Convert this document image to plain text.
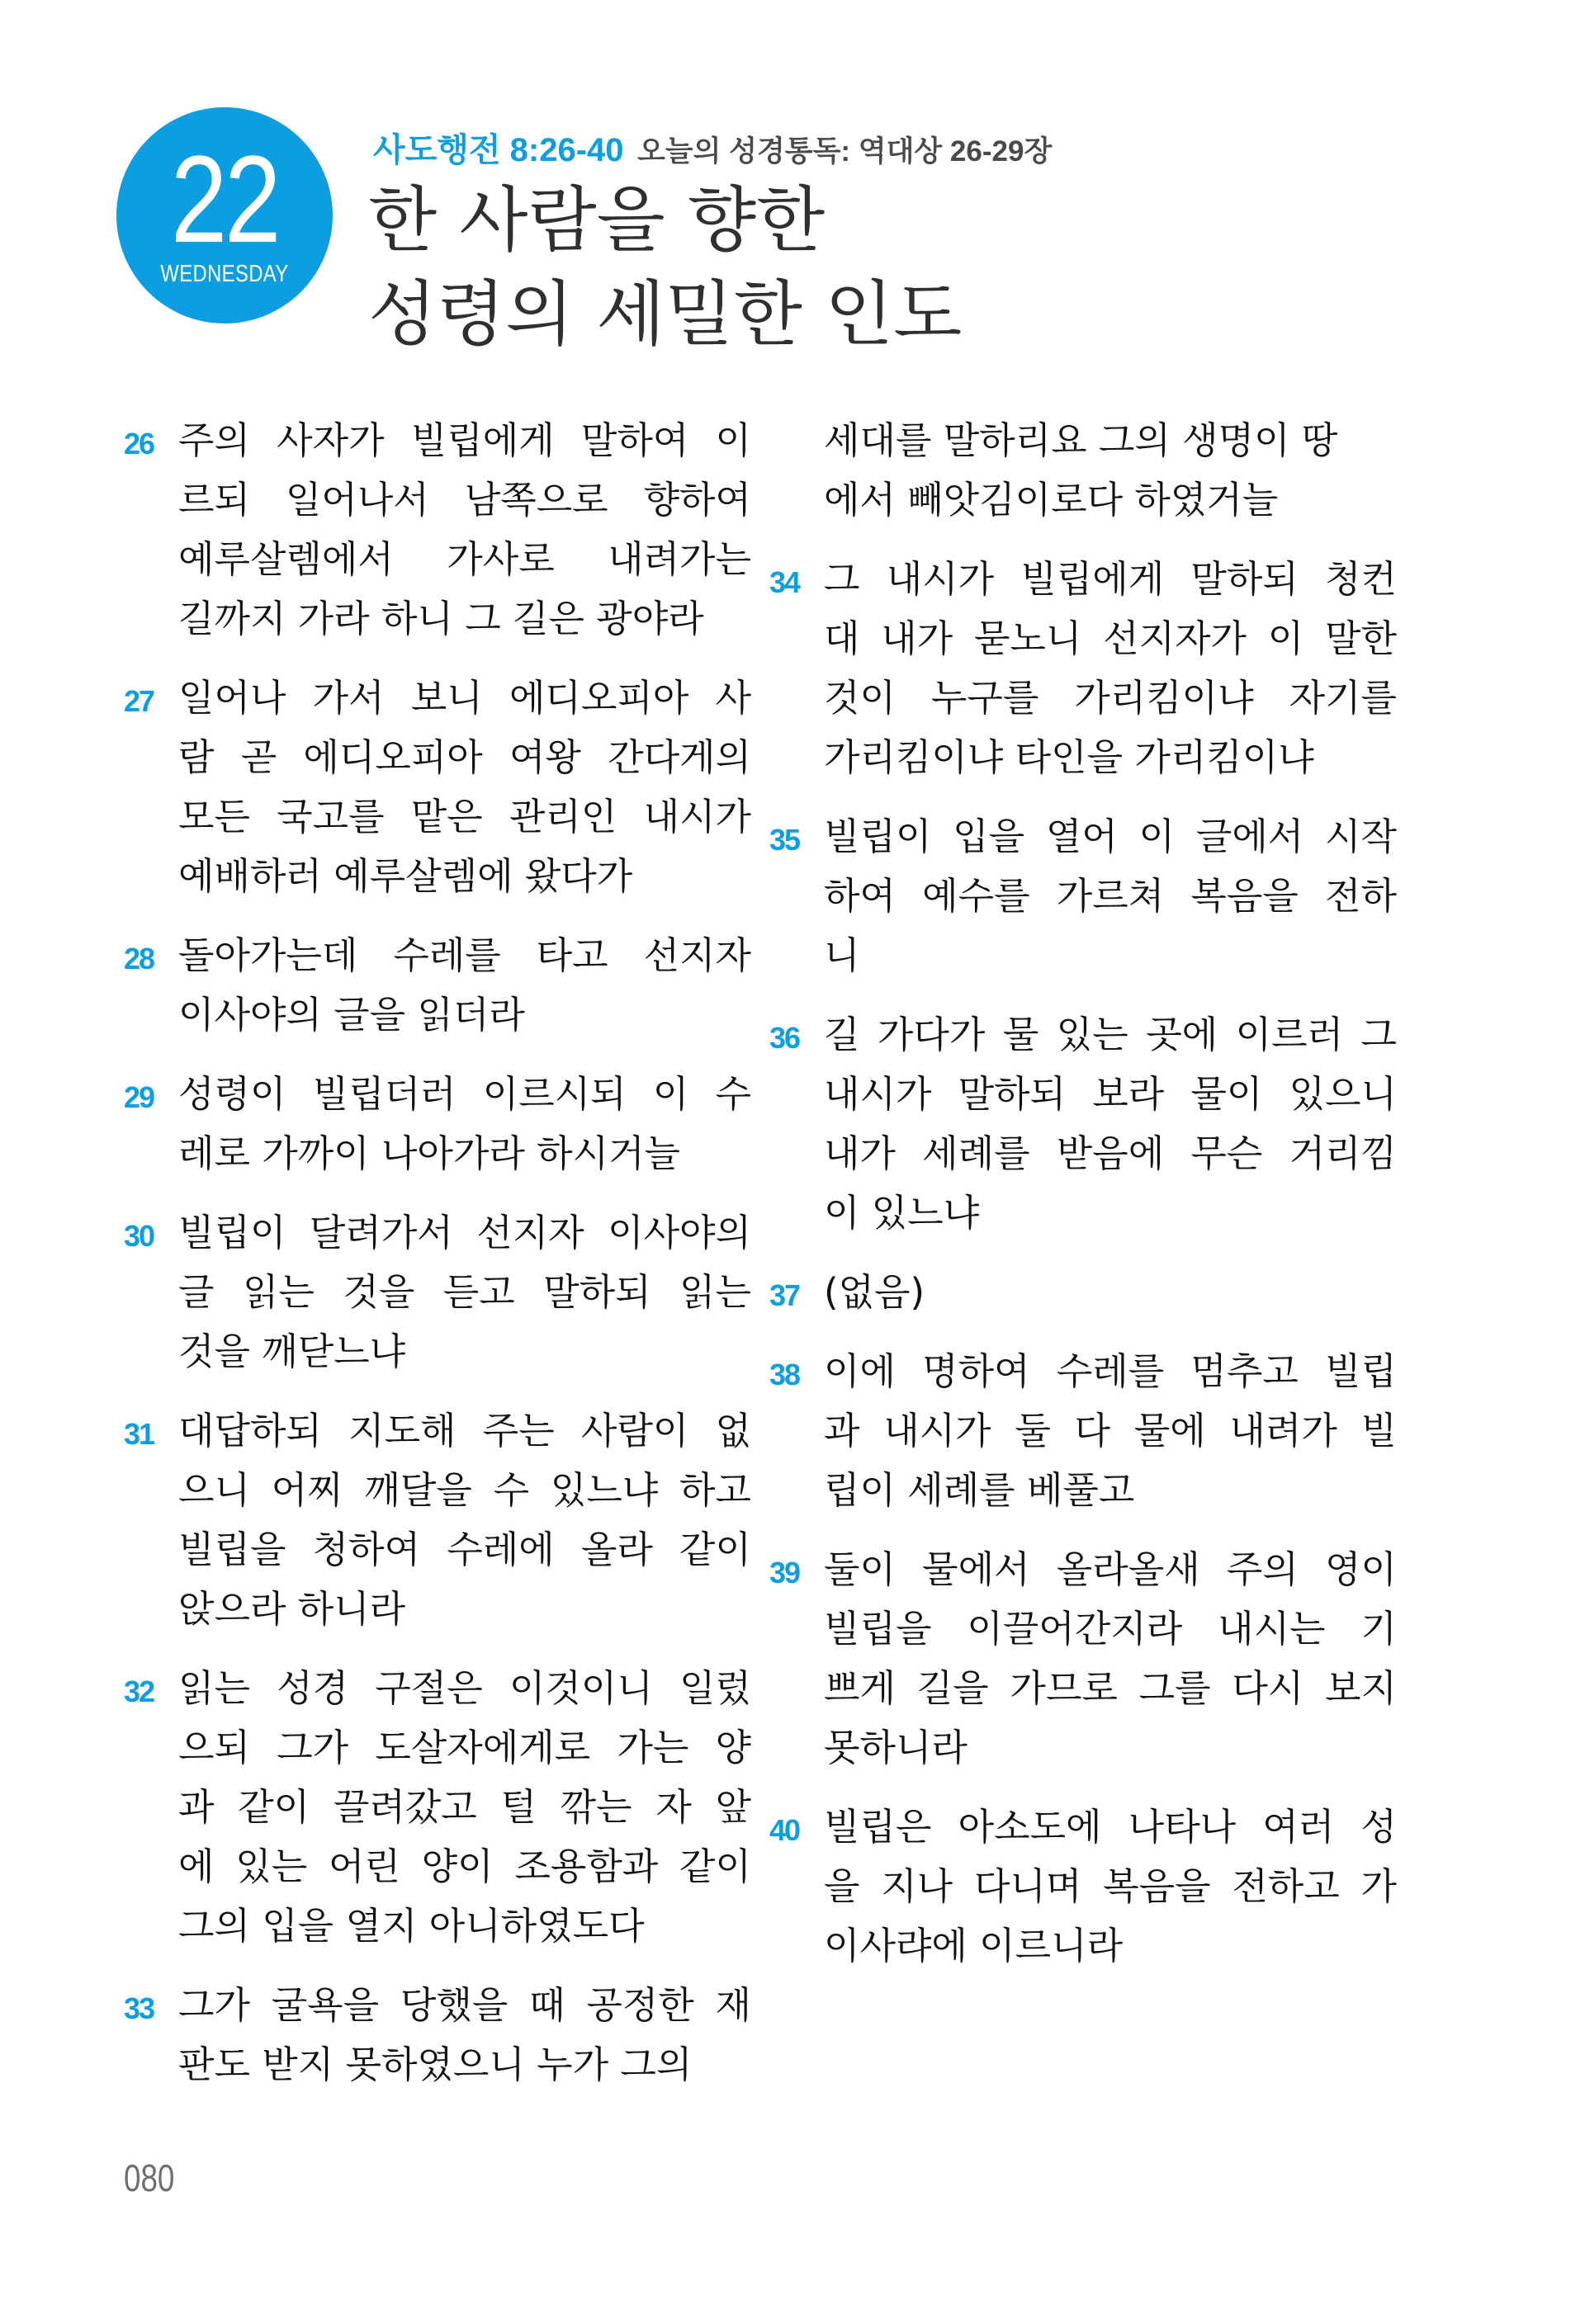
22
WEDNESDAY
사도행전 8:26-40 오늘의 성경통독: 역대상 26-29장
한 사람을 향한
성령의 세밀한 인도
26 주의 사자가 빌립에게 말하여 이
르되 일어나서 남쪽으로 향하여
예루살렘에서 가사로 내려가는
길까지 가라 하니 그 길은 광야라
27 일어나 가서 보니 에디오피아 사
람 곧 에디오피아 여왕 간다게의
모든 국고를 맡은 관리인 내시가
예배하러 예루살렘에 왔다가
28 돌아가는데 수레를 타고 선지자
이사야의 글을 읽더라
29 성령이 빌립더러 이르시되 이 수
레로 가까이 나아가라 하시거늘
30 빌립이 달려가서 선지자 이사야의
글 읽는 것을 듣고 말하되 읽는
것을 깨닫느냐
31 대답하되 지도해 주는 사람이 없
으니 어찌 깨달을 수 있느냐 하고
빌립을 청하여 수레에 올라 같이
앉으라 하니라
32 읽는 성경 구절은 이것이니 일렀
으되 그가 도살자에게로 가는 양
과 같이 끌려갔고 털 깎는 자 앞
에 있는 어린 양이 조용함과 같이
그의 입을 열지 아니하였도다
33 그가 굴욕을 당했을 때 공정한 재
판도 받지 못하였으니 누가 그의
세대를 말하리요 그의 생명이 땅
에서 빼앗김이로다 하였거늘
34 그 내시가 빌립에게 말하되 청컨
대 내가 묻노니 선지자가 이 말한
것이 누구를 가리킴이냐 자기를
가리킴이냐 타인을 가리킴이냐
35 빌립이 입을 열어 이 글에서 시작
하여 예수를 가르쳐 복음을 전하
니
36 길 가다가 물 있는 곳에 이르러 그
내시가 말하되 보라 물이 있으니
내가 세례를 받음에 무슨 거리낌
이 있느냐
37 (없음)
38 이에 명하여 수레를 멈추고 빌립
과 내시가 둘 다 물에 내려가 빌
립이 세례를 베풀고
39 둘이 물에서 올라올새 주의 영이
빌립을 이끌어간지라 내시는 기
쁘게 길을 가므로 그를 다시 보지
못하니라
40 빌립은 아소도에 나타나 여러 성
을 지나 다니며 복음을 전하고 가
이사랴에 이르니라
080
